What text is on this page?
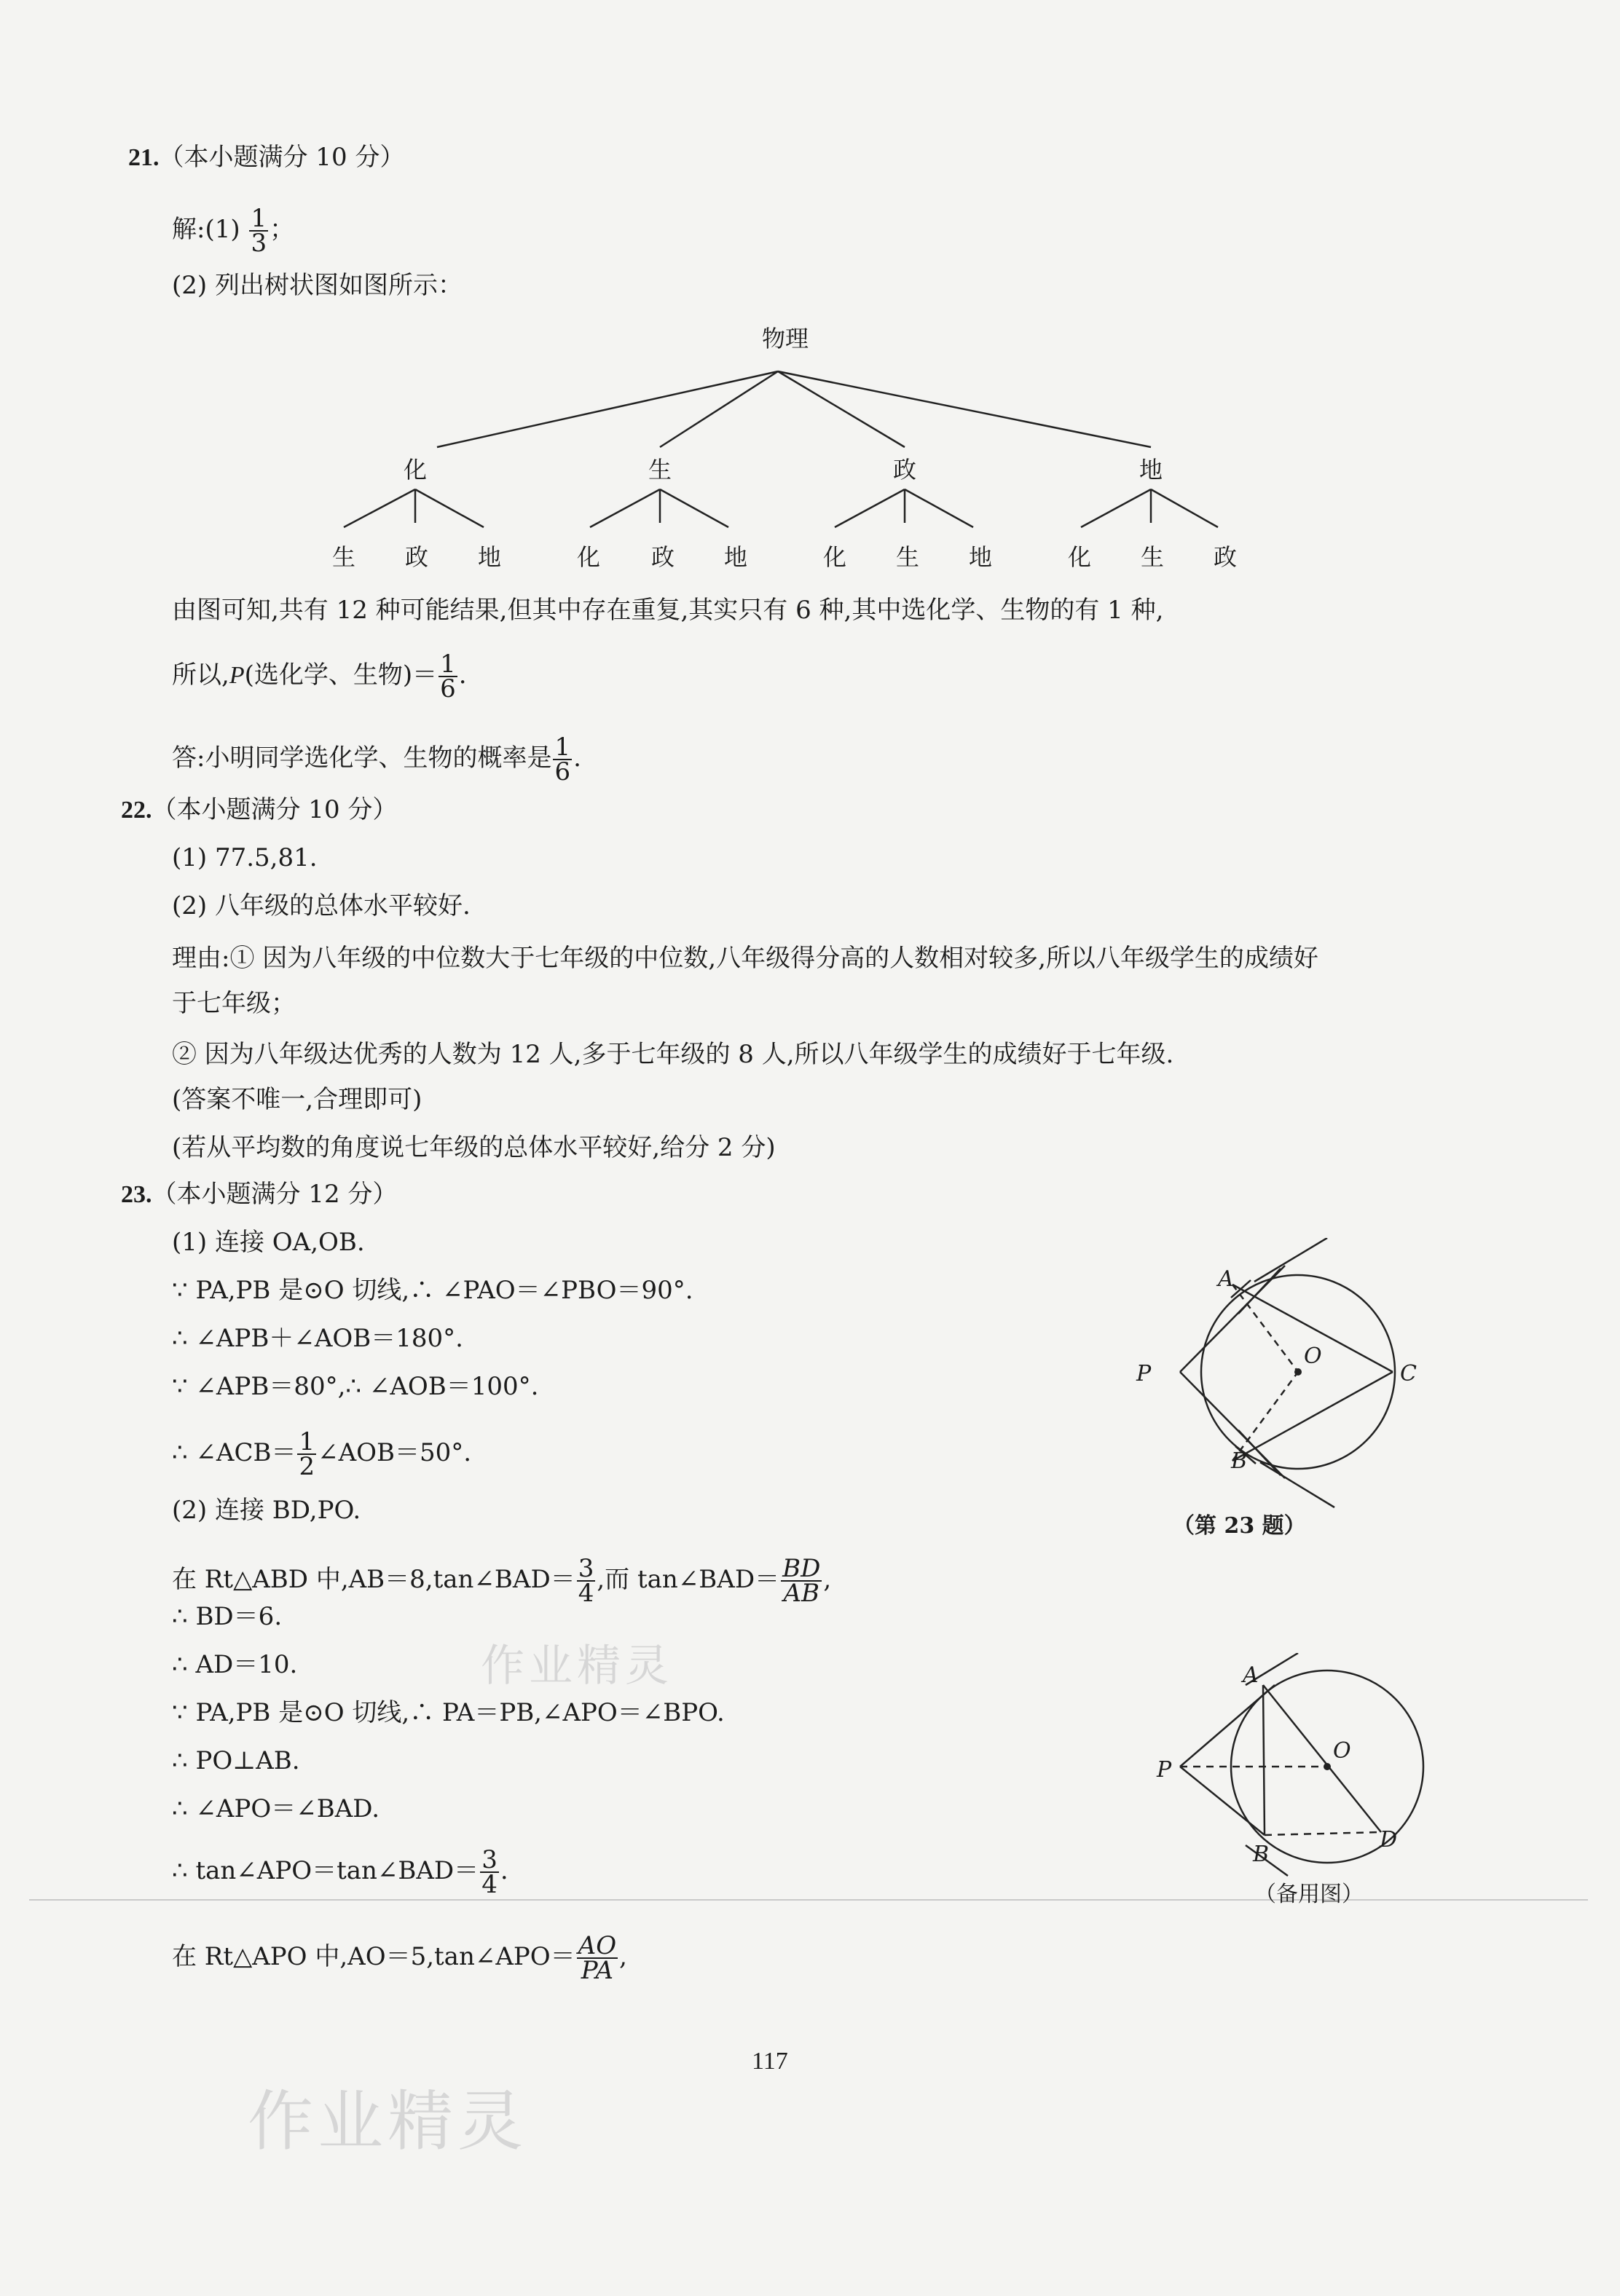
21.（本小题满分 10 分）
解:(1) $\frac{1}{3}$ ；
(2) 列出树状图如图所示：
物理
化	生	政	地
生 政 地	化 政 地	化 生 地	化 生 政
由图可知,共有 12 种可能结果,但其中存在重复,其实只有 6 种,其中选化学、生物的有 1 种,
所以,P(选化学、生物)＝ $\frac{1}{6}$ .
答:小明同学选化学、生物的概率是 $\frac{1}{6}$ .
22.（本小题满分 10 分）
(1) 77.5,81.
(2) 八年级的总体水平较好.
理由:① 因为八年级的中位数大于七年级的中位数,八年级得分高的人数相对较多,所以八年级学生的成绩好
于七年级；
② 因为八年级达优秀的人数为 12 人,多于七年级的 8 人,所以八年级学生的成绩好于七年级.
(答案不唯一,合理即可)
(若从平均数的角度说七年级的总体水平较好,给分 2 分)
23.（本小题满分 12 分）
(1) 连接 OA,OB.
∵ PA,PB 是⊙O 切线,∴ ∠PAO＝∠PBO＝90°.
∴ ∠APB＋∠AOB＝180°.
∵ ∠APB＝80°,∴ ∠AOB＝100°.
∴ ∠ACB＝ $\frac{1}{2}$ ∠AOB＝50°.
(2) 连接 BD,PO.
在 Rt△ABD 中,AB＝8,tan∠BAD＝ $\frac{3}{4}$ ,而 tan∠BAD＝ $\frac{BD}{AB}$ ,
∴ BD＝6.
∴ AD＝10.
∵ PA,PB 是⊙O 切线,∴ PA＝PB,∠APO＝∠BPO.
∴ PO⊥AB.
∴ ∠APO＝∠BAD.
∴ tan∠APO＝tan∠BAD＝ $\frac{3}{4}$ .
在 Rt△APO 中,AO＝5,tan∠APO＝ $\frac{AO}{PA}$ ,
A
O
C
P
B
（第 23 题）
A
O
P
B
D
（备用图）
作业精灵
作业精灵
117
